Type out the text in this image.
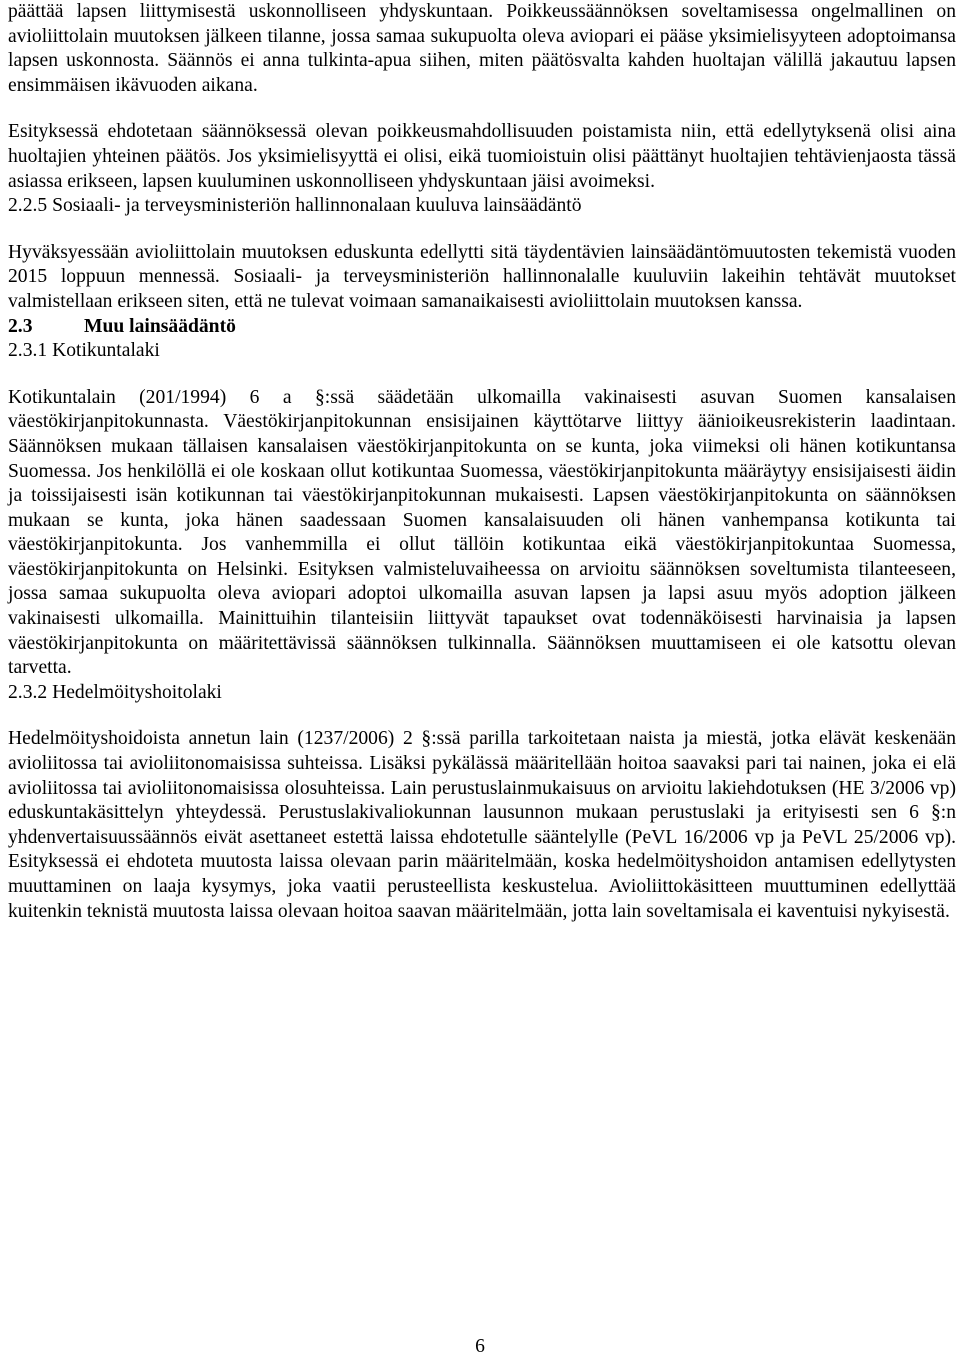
päättää lapsen liittymisestä uskonnolliseen yhdyskuntaan. Poikkeussäännöksen soveltamisessa ongelmallinen on avioliittolain muutoksen jälkeen tilanne, jossa samaa sukupuolta oleva aviopari ei pääse yksimielisyyteen adoptoimansa lapsen uskonnosta. Säännös ei anna tulkinta-apua siihen, miten päätösvalta kahden huoltajan välillä jakautuu lapsen ensimmäisen ikävuoden aikana.

Esityksessä ehdotetaan säännöksessä olevan poikkeusmahdollisuuden poistamista niin, että edellytyksenä olisi aina huoltajien yhteinen päätös. Jos yksimielisyyttä ei olisi, eikä tuomioistuin olisi päättänyt huoltajien tehtävienjaosta tässä asiassa erikseen, lapsen kuuluminen uskonnolliseen yhdyskuntaan jäisi avoimeksi.

2.2.5 Sosiaali- ja terveysministeriön hallinnonalaan kuuluva lainsäädäntö

Hyväksyessään avioliittolain muutoksen eduskunta edellytti sitä täydentävien lainsäädäntömuutosten tekemistä vuoden 2015 loppuun mennessä. Sosiaali- ja terveysministeriön hallinnonalalle kuuluviin lakeihin tehtävät muutokset valmistellaan erikseen siten, että ne tulevat voimaan samanaikaisesti avioliittolain muutoksen kanssa.

2.3	Muu lainsäädäntö
2.3.1 Kotikuntalaki

Kotikuntalain (201/1994) 6 a §:ssä säädetään ulkomailla vakinaisesti asuvan Suomen kansalaisen väestökirjanpitokunnasta. Väestökirjanpitokunnan ensisijainen käyttötarve liittyy äänioikeusrekisterin laadintaan. Säännöksen mukaan tällaisen kansalaisen väestökirjanpitokunta on se kunta, joka viimeksi oli hänen kotikuntansa Suomessa. Jos henkilöllä ei ole koskaan ollut kotikuntaa Suomessa, väestökirjanpitokunta määräytyy ensisijaisesti äidin ja toissijaisesti isän kotikunnan tai väestökirjanpitokunnan mukaisesti. Lapsen väestökirjanpitokunta on säännöksen mukaan se kunta, joka hänen saadessaan Suomen kansalaisuuden oli hänen vanhempansa kotikunta tai väestökirjanpitokunta. Jos vanhemmilla ei ollut tällöin kotikuntaa eikä väestökirjanpitokuntaa Suomessa, väestökirjanpitokunta on Helsinki. Esityksen valmisteluvaiheessa on arvioitu säännöksen soveltumista tilanteeseen, jossa samaa sukupuolta oleva aviopari adoptoi ulkomailla asuvan lapsen ja lapsi asuu myös adoption jälkeen vakinaisesti ulkomailla. Mainittuihin tilanteisiin liittyvät tapaukset ovat todennäköisesti harvinaisia ja lapsen väestökirjanpitokunta on määritettävissä säännöksen tulkinnalla. Säännöksen muuttamiseen ei ole katsottu olevan tarvetta.

2.3.2 Hedelmöityshoitolaki

Hedelmöityshoidoista annetun lain (1237/2006) 2 §:ssä parilla tarkoitetaan naista ja miestä, jotka elävät keskenään avioliitossa tai avioliitonomaisissa suhteissa. Lisäksi pykälässä määritellään hoitoa saavaksi pari tai nainen, joka ei elä avioliitossa tai avioliitonomaisissa olosuhteissa. Lain perustuslainmukaisuus on arvioitu lakiehdotuksen (HE 3/2006 vp) eduskuntakäsittelyn yhteydessä. Perustuslakivaliokunnan lausunnon mukaan perustuslaki ja erityisesti sen 6 §:n yhdenvertaisuussäännös eivät asettaneet estettä laissa ehdotetulle sääntelylle (PeVL 16/2006 vp ja PeVL 25/2006 vp). Esityksessä ei ehdoteta muutosta laissa olevaan parin määritelmään, koska hedelmöityshoidon antamisen edellytysten muuttaminen on laaja kysymys, joka vaatii perusteellista keskustelua. Avioliittokäsitteen muuttuminen edellyttää kuitenkin teknistä muutosta laissa olevaan hoitoa saavan määritelmään, jotta lain soveltamisala ei kaventuisi nykyisestä.

6
